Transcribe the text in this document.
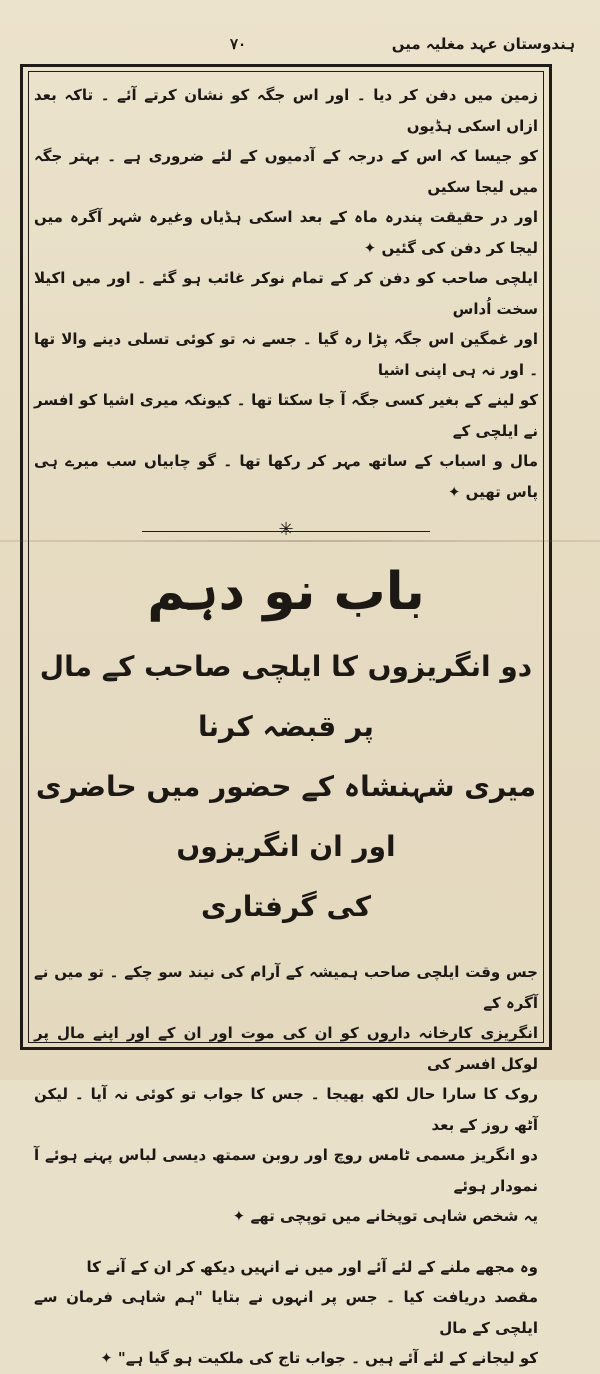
۷۰	ہندوستان عہد مغلیہ میں

زمین میں دفن کر دیا ۔ اور اس جگہ کو نشان کرتے آئے ۔ تاکہ بعد ازاں اسکی ہڈیوں
کو جیسا کہ اس کے درجہ کے آدمیوں کے لئے ضروری ہے ۔ بہتر جگہ میں لیجا سکیں
اور در حقیقت پندرہ ماہ کے بعد اسکی ہڈیاں وغیرہ شہر آگرہ میں لیجا کر دفن کی گئیں ✦
ایلچی صاحب کو دفن کر کے تمام نوکر غائب ہو گئے ۔ اور میں اکیلا سخت اُداس
اور غمگین اس جگہ پڑا رہ گیا ۔ جسے نہ تو کوئی تسلی دینے والا تھا ۔ اور نہ ہی اپنی اشیا
کو لینے کے بغیر کسی جگہ آ جا سکتا تھا ۔ کیونکہ میری اشیا کو افسر نے ایلچی کے
مال و اسباب کے ساتھ مہر کر رکھا تھا ۔ گو چابیاں سب میرے ہی پاس تھیں ✦

✳
باب نو دہم
دو انگریزوں کا ایلچی صاحب کے مال پر قبضہ کرنا
میری شہنشاہ کے حضور میں حاضری اور ان انگریزوں
کی گرفتاری

جس وقت ایلچی صاحب ہمیشہ کے آرام کی نیند سو چکے ۔ تو میں نے آگرہ کے
انگریزی کارخانہ داروں کو ان کی موت اور ان کے اور اپنے مال پر لوکل افسر کی
روک کا سارا حال لکھ بھیجا ۔ جس کا جواب تو کوئی نہ آیا ۔ لیکن آٹھ روز کے بعد
دو انگریز مسمی ٹامس روچ اور روبن سمتھ دیسی لباس پہنے ہوئے آ نمودار ہوئے
یہ شخص شاہی توپخانے میں توپچی تھے ✦

وہ مجھے ملنے کے لئے آئے اور میں نے انہیں دیکھ کر ان کے آنے کا
مقصد دریافت کیا ۔ جس پر انہوں نے بتایا "ہم شاہی فرمان سے ایلچی کے مال
کو لیجانے کے لئے آئے ہیں ۔ جواب تاج کی ملکیت ہو گیا ہے" ✦
